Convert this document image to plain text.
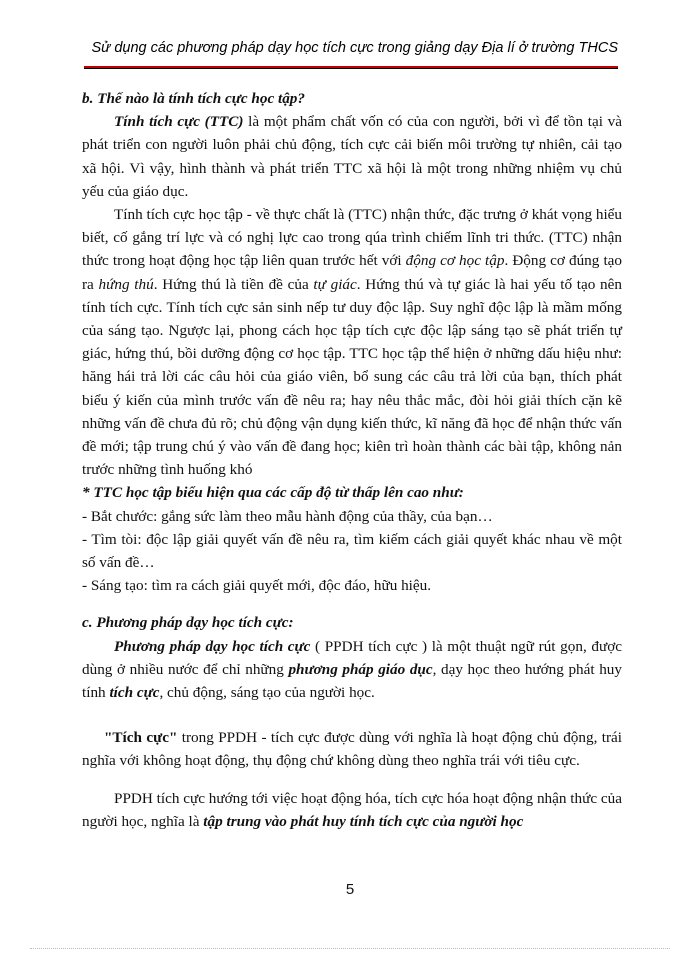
Sử dụng các phương pháp dạy học tích cực trong giảng dạy Địa lí ở trường THCS

b. Thế nào là tính tích cực học tập?

Tính tích cực (TTC) là một phẩm chất vốn có của con người, bởi vì để tồn tại và phát triển con người luôn phải chủ động, tích cực cải biến môi trường tự nhiên, cải tạo xã hội. Vì vậy, hình thành và phát triển TTC xã hội là một trong những nhiệm vụ chủ yếu của giáo dục.

Tính tích cực học tập - về thực chất là (TTC) nhận thức, đặc trưng ở khát vọng hiểu biết, cố gắng trí lực và có nghị lực cao trong qúa trình chiếm lĩnh tri thức. (TTC) nhận thức trong hoạt động học tập liên quan trước hết với động cơ học tập. Động cơ đúng tạo ra hứng thú. Hứng thú là tiền đề của tự giác. Hứng thú và tự giác là hai yếu tố tạo nên tính tích cực. Tính tích cực sản sinh nếp tư duy độc lập. Suy nghĩ độc lập là mầm mống của sáng tạo. Ngược lại, phong cách học tập tích cực độc lập sáng tạo sẽ phát triển tự giác, hứng thú, bồi dưỡng động cơ học tập. TTC học tập thể hiện ở những dấu hiệu như: hăng hái trả lời các câu hỏi của giáo viên, bổ sung các câu trả lời của bạn, thích phát biểu ý kiến của mình trước vấn đề nêu ra; hay nêu thắc mắc, đòi hỏi giải thích cặn kẽ những vấn đề chưa đủ rõ; chủ động vận dụng kiến thức, kĩ năng đã học để nhận thức vấn đề mới; tập trung chú ý vào vấn đề đang học; kiên trì hoàn thành các bài tập, không nản trước những tình huống khó

* TTC học tập biểu hiện qua các cấp độ từ thấp lên cao như:

- Bắt chước: gắng sức làm theo mẫu hành động của thầy, của bạn…

- Tìm tòi: độc lập giải quyết vấn đề nêu ra, tìm kiếm cách giải quyết khác nhau về một số vấn đề…

- Sáng tạo: tìm ra cách giải quyết mới, độc đáo, hữu hiệu.

c. Phương pháp dạy học tích cực:

Phương pháp dạy học tích cực ( PPDH tích cực ) là một thuật ngữ rút gọn, được dùng ở nhiều nước để chỉ những phương pháp giáo dục, dạy học theo hướng phát huy tính tích cực, chủ động, sáng tạo của người học.

"Tích cực" trong PPDH - tích cực được dùng với nghĩa là hoạt động chủ động, trái nghĩa với không hoạt động, thụ động chứ không dùng theo nghĩa trái với tiêu cực.

PPDH tích cực hướng tới việc hoạt động hóa, tích cực hóa hoạt động nhận thức của người học, nghĩa là tập trung vào phát huy tính tích cực của người học

5
